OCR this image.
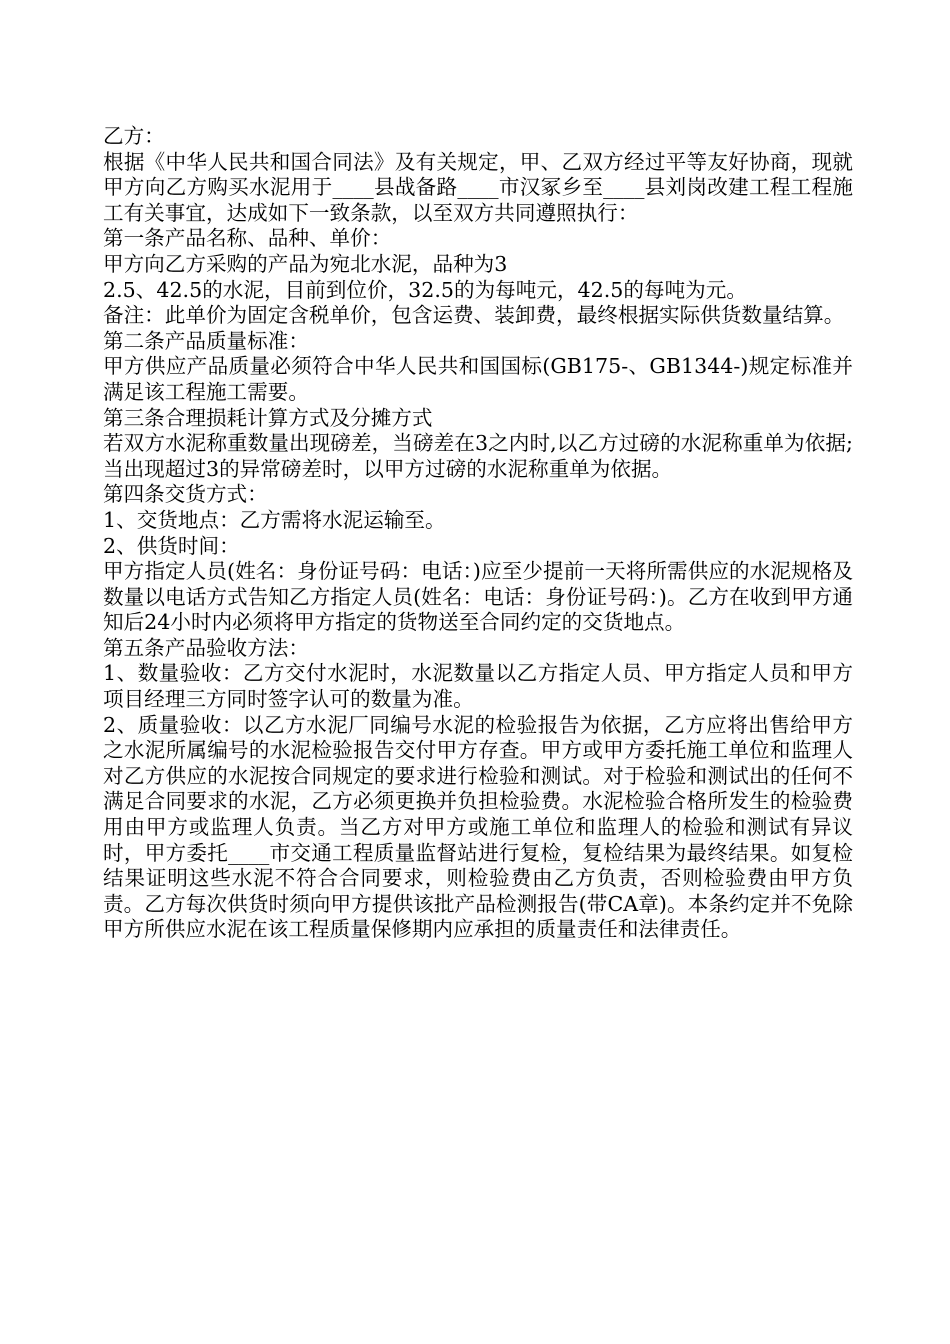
乙方：

根据《中华人民共和国合同法》及有关规定，甲、乙双方经过平等友好协商，现就甲方向乙方购买水泥用于____县战备路____市汉冢乡至____县刘岗改建工程工程施工有关事宜，达成如下一致条款，以至双方共同遵照执行：

第一条产品名称、品种、单价：

甲方向乙方采购的产品为宛北水泥，品种为3

2.5、42.5的水泥，目前到位价，32.5的为每吨元，42.5的每吨为元。

备注：此单价为固定含税单价，包含运费、装卸费，最终根据实际供货数量结算。

第二条产品质量标准：

甲方供应产品质量必须符合中华人民共和国国标(GB175-、GB1344-)规定标准并满足该工程施工需要。

第三条合理损耗计算方式及分摊方式

若双方水泥称重数量出现磅差，当磅差在3之内时,以乙方过磅的水泥称重单为依据;当出现超过3的异常磅差时，以甲方过磅的水泥称重单为依据。

第四条交货方式：

1、交货地点：乙方需将水泥运输至。

2、供货时间：

甲方指定人员(姓名：身份证号码：电话：)应至少提前一天将所需供应的水泥规格及数量以电话方式告知乙方指定人员(姓名：电话：身份证号码：)。乙方在收到甲方通知后24小时内必须将甲方指定的货物送至合同约定的交货地点。

第五条产品验收方法：

1、数量验收：乙方交付水泥时，水泥数量以乙方指定人员、甲方指定人员和甲方项目经理三方同时签字认可的数量为准。

2、质量验收：以乙方水泥厂同编号水泥的检验报告为依据，乙方应将出售给甲方之水泥所属编号的水泥检验报告交付甲方存查。甲方或甲方委托施工单位和监理人对乙方供应的水泥按合同规定的要求进行检验和测试。对于检验和测试出的任何不满足合同要求的水泥，乙方必须更换并负担检验费。水泥检验合格所发生的检验费用由甲方或监理人负责。当乙方对甲方或施工单位和监理人的检验和测试有异议时，甲方委托____市交通工程质量监督站进行复检，复检结果为最终结果。如复检结果证明这些水泥不符合合同要求，则检验费由乙方负责，否则检验费由甲方负责。乙方每次供货时须向甲方提供该批产品检测报告(带CA章)。本条约定并不免除甲方所供应水泥在该工程质量保修期内应承担的质量责任和法律责任。
